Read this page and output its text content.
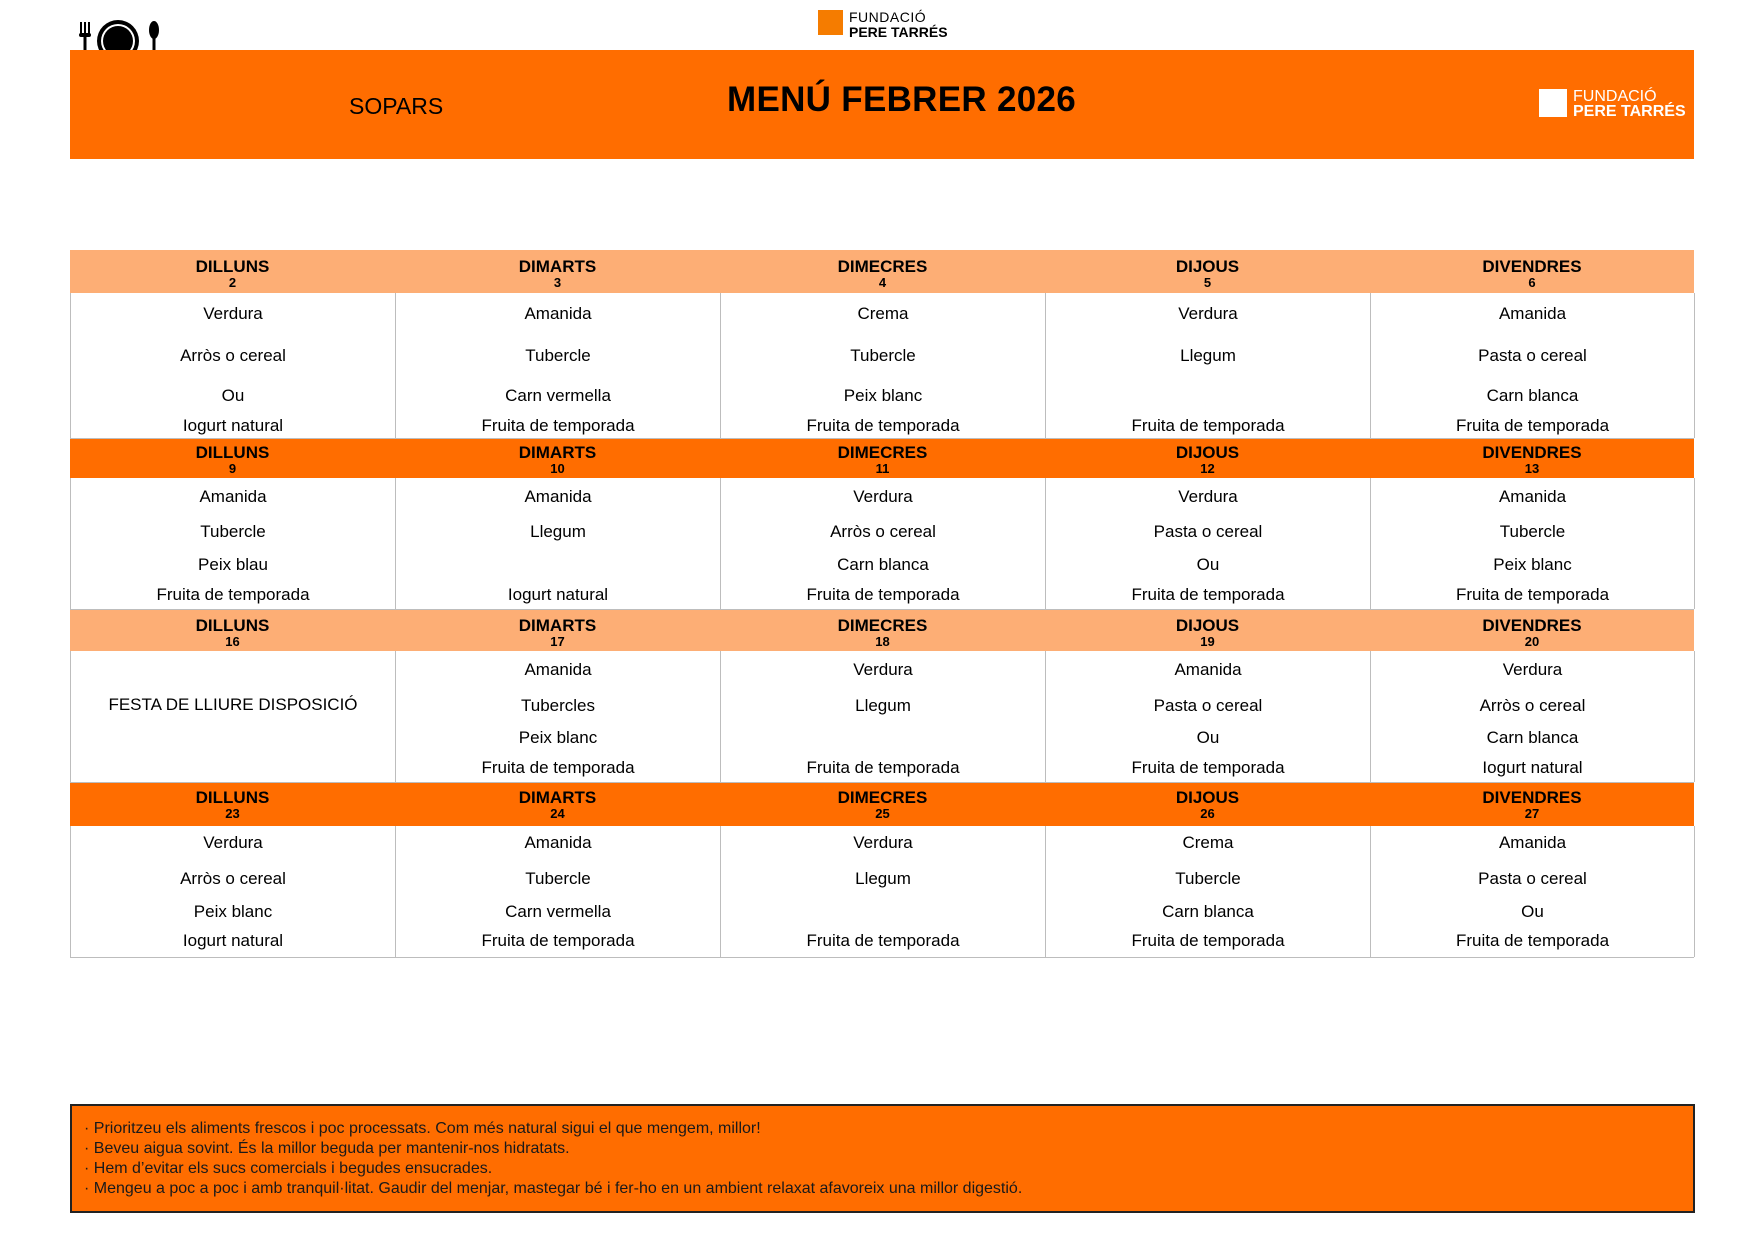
FUNDACIÓ
PERE TARRÉS
SOPARS	MENÚ FEBRER 2026	FUNDACIÓ
PERE TARRÉS
DILLUNS
2
DIMARTS
3
DIMECRES
4
DIJOUS
5
DIVENDRES
6
Verdura
Arròs o cereal
Ou
Iogurt natural
Amanida
Tubercle
Carn vermella
Fruita de temporada
Crema
Tubercle
Peix blanc
Fruita de temporada
Verdura
Llegum
Fruita de temporada
Amanida
Pasta o cereal
Carn blanca
Fruita de temporada
DILLUNS
9
DIMARTS
10
DIMECRES
11
DIJOUS
12
DIVENDRES
13
Amanida
Tubercle
Peix blau
Fruita de temporada
Amanida
Llegum
Iogurt natural
Verdura
Arròs o cereal
Carn blanca
Fruita de temporada
Verdura
Pasta o cereal
Ou
Fruita de temporada
Amanida
Tubercle
Peix blanc
Fruita de temporada
DILLUNS
16
DIMARTS
17
DIMECRES
18
DIJOUS
19
DIVENDRES
20
FESTA DE LLIURE DISPOSICIÓ
Amanida
Tubercles
Peix blanc
Fruita de temporada
Verdura
Llegum
Fruita de temporada
Amanida
Pasta o cereal
Ou
Fruita de temporada
Verdura
Arròs o cereal
Carn blanca
Iogurt natural
DILLUNS
23
DIMARTS
24
DIMECRES
25
DIJOUS
26
DIVENDRES
27
Verdura
Arròs o cereal
Peix blanc
Iogurt natural
Amanida
Tubercle
Carn vermella
Fruita de temporada
Verdura
Llegum
Fruita de temporada
Crema
Tubercle
Carn blanca
Fruita de temporada
Amanida
Pasta o cereal
Ou
Fruita de temporada
· Prioritzeu els aliments frescos i poc processats. Com més natural sigui el que mengem, millor!
· Beveu aigua sovint. És la millor beguda per mantenir-nos hidratats.
· Hem d’evitar els sucs comercials i begudes ensucrades.
· Mengeu a poc a poc i amb tranquil·litat. Gaudir del menjar, mastegar bé i fer-ho en un ambient relaxat afavoreix una millor digestió.
